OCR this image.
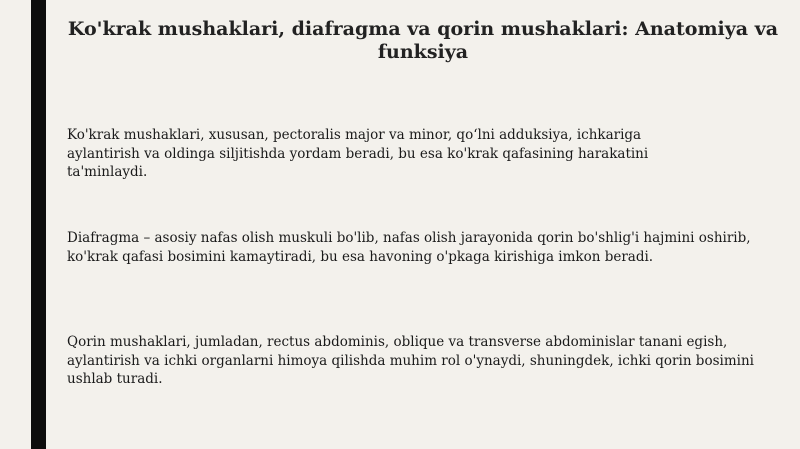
Ko'krak mushaklari, diafragma va qorin mushaklari: Anatomiya va funksiya

Ko'krak mushaklari, xususan, pectoralis major va minor, qo‘lni adduksiya, ichkariga aylantirish va oldinga siljitishda yordam beradi, bu esa ko'krak qafasining harakatini ta'minlaydi.

Diafragma – asosiy nafas olish muskuli bo'lib, nafas olish jarayonida qorin bo'shlig'i hajmini oshirib, ko'krak qafasi bosimini kamaytiradi, bu esa havoning o'pkaga kirishiga imkon beradi.

Qorin mushaklari, jumladan, rectus abdominis, oblique va transverse abdominislar tanani egish, aylantirish va ichki organlarni himoya qilishda muhim rol o'ynaydi, shuningdek, ichki qorin bosimini ushlab turadi.
